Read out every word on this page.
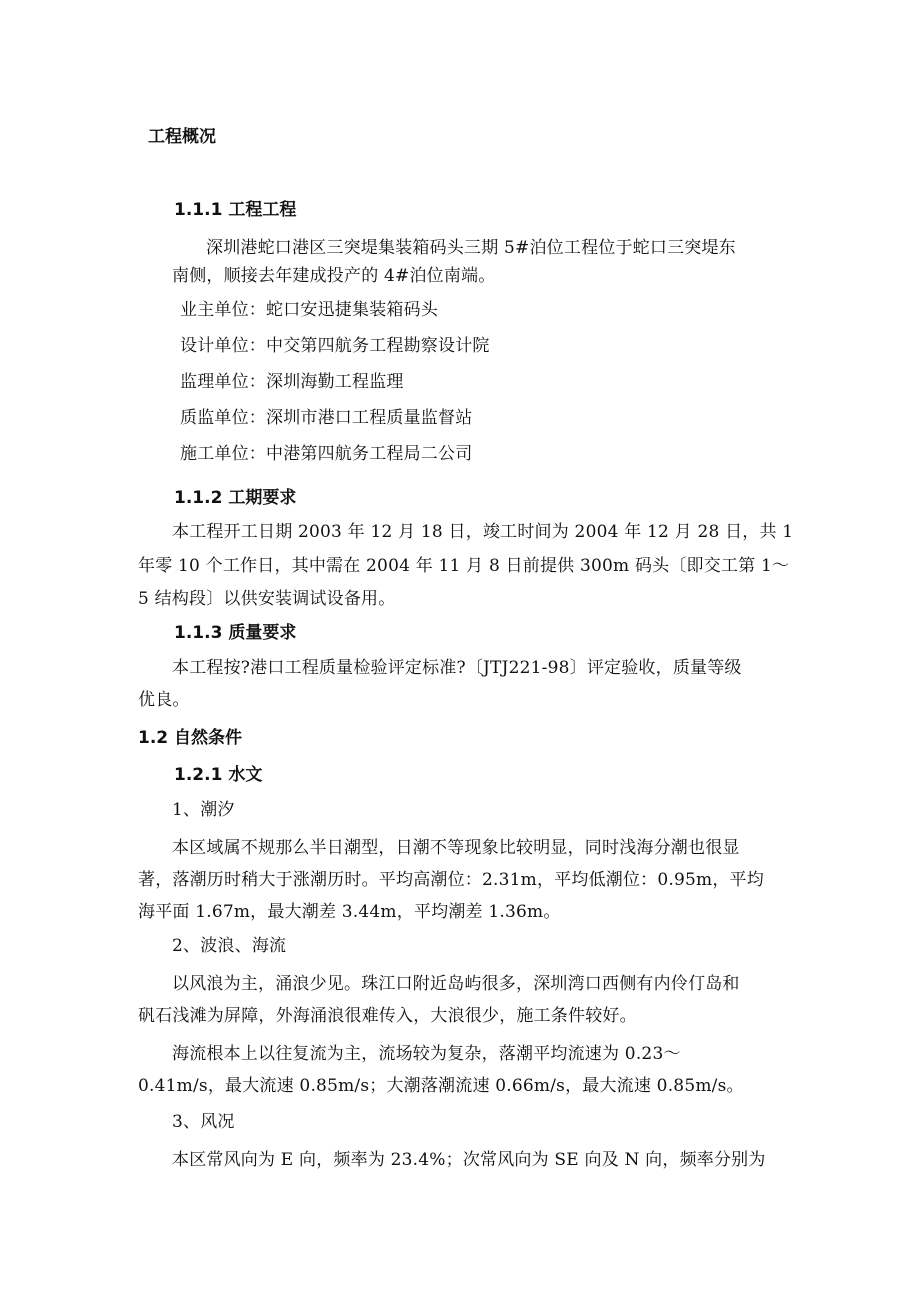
工程概况
1.1.1 工程工程
深圳港蛇口港区三突堤集装箱码头三期 5#泊位工程位于蛇口三突堤东
南侧，顺接去年建成投产的 4#泊位南端。
业主单位：蛇口安迅捷集装箱码头
设计单位：中交第四航务工程勘察设计院
监理单位：深圳海勤工程监理
质监单位：深圳市港口工程质量监督站
施工单位：中港第四航务工程局二公司
1.1.2 工期要求
本工程开工日期 2003 年 12 月 18 日，竣工时间为 2004 年 12 月 28 日，共 1
年零 10 个工作日，其中需在 2004 年 11 月 8 日前提供 300m 码头〔即交工第 1～
5 结构段〕以供安装调试设备用。
1.1.3 质量要求
本工程按?港口工程质量检验评定标准?〔JTJ221-98〕评定验收，质量等级
优良。
1.2 自然条件
1.2.1 水文
1、潮汐
本区域属不规那么半日潮型，日潮不等现象比较明显，同时浅海分潮也很显
著，落潮历时稍大于涨潮历时。平均高潮位：2.31m，平均低潮位：0.95m，平均
海平面 1.67m，最大潮差 3.44m，平均潮差 1.36m。
2、波浪、海流
以风浪为主，涌浪少见。珠江口附近岛屿很多，深圳湾口西侧有内伶仃岛和
矾石浅滩为屏障，外海涌浪很难传入，大浪很少，施工条件较好。
海流根本上以往复流为主，流场较为复杂，落潮平均流速为 0.23～
0.41m/s，最大流速 0.85m/s；大潮落潮流速 0.66m/s，最大流速 0.85m/s。
3、风况
本区常风向为 E 向，频率为 23.4%；次常风向为 SE 向及 N 向，频率分别为
